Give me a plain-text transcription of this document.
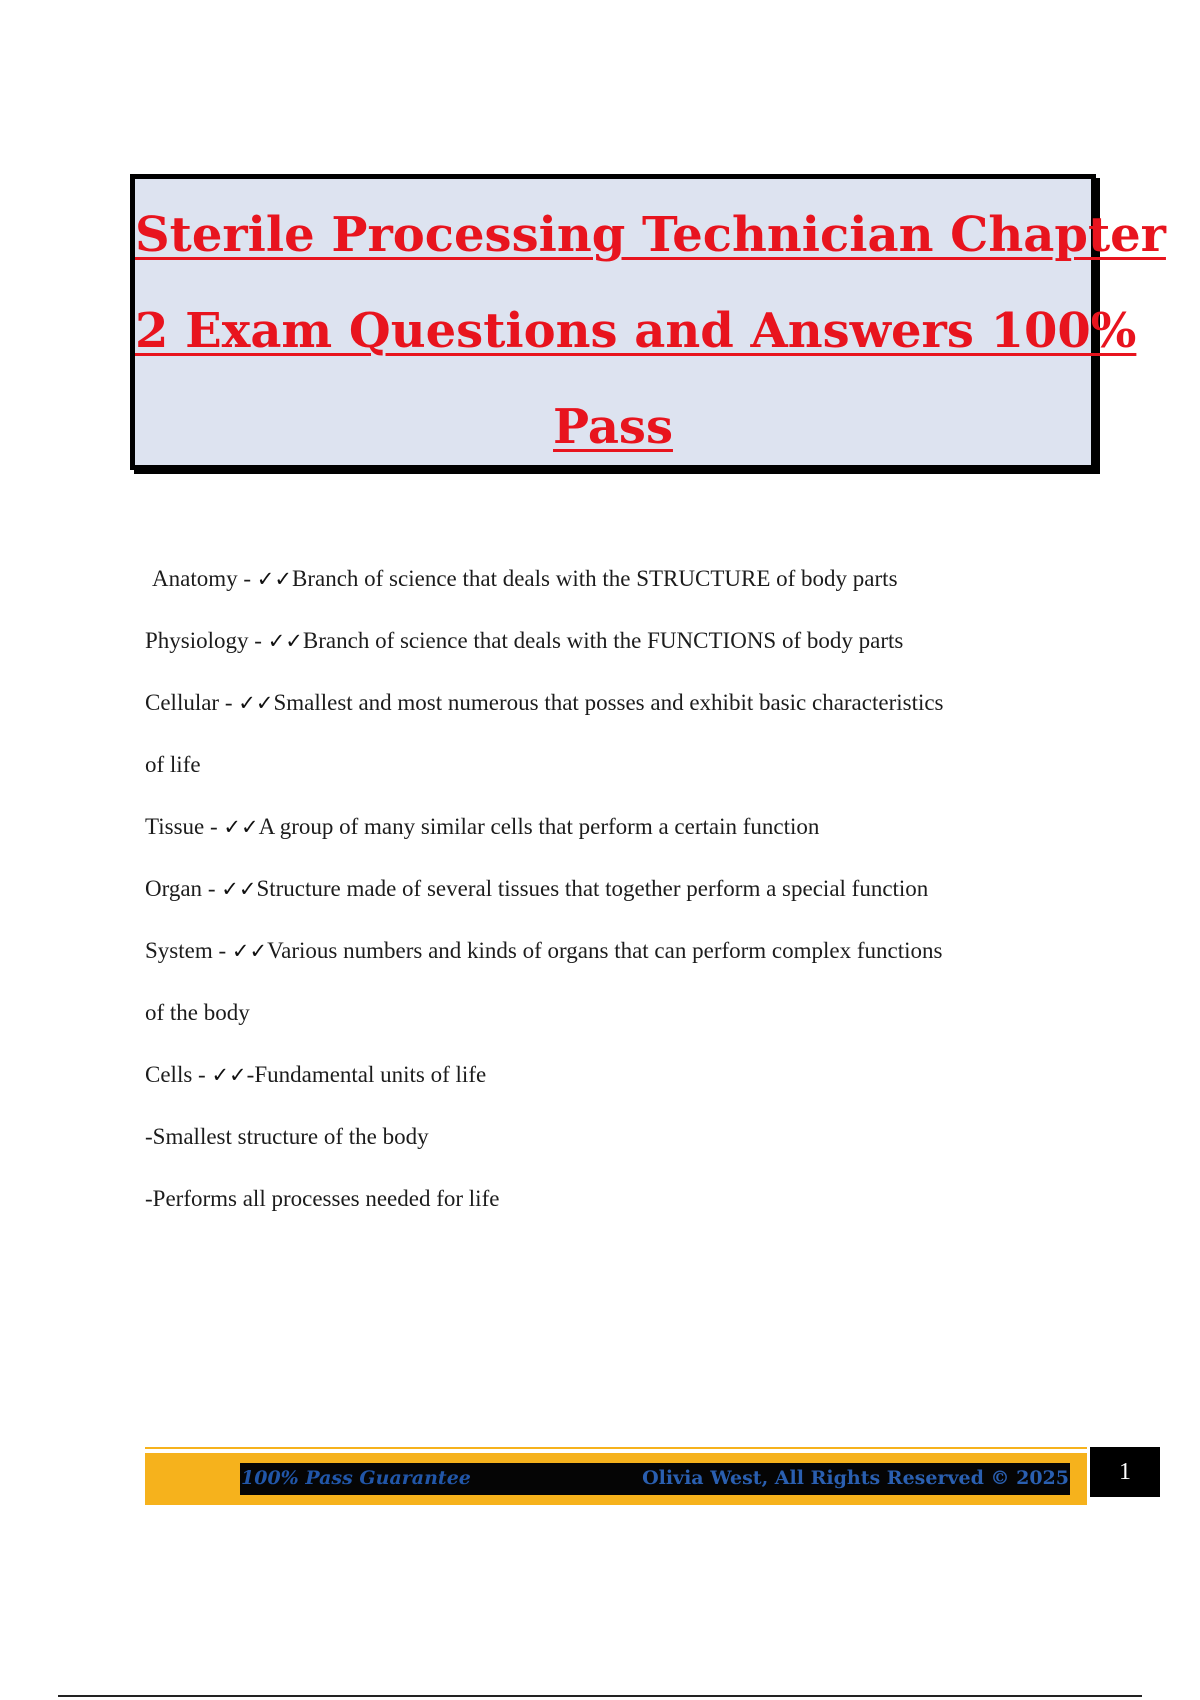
Sterile Processing Technician Chapter
2 Exam Questions and Answers 100%
Pass

Anatomy - ✓✓Branch of science that deals with the STRUCTURE of body parts

Physiology - ✓✓Branch of science that deals with the FUNCTIONS of body parts

Cellular - ✓✓Smallest and most numerous that posses and exhibit basic characteristics

of life

Tissue - ✓✓A group of many similar cells that perform a certain function

Organ - ✓✓Structure made of several tissues that together perform a special function

System - ✓✓Various numbers and kinds of organs that can perform complex functions

of the body

Cells - ✓✓-Fundamental units of life

-Smallest structure of the body

-Performs all processes needed for life

100% Pass Guarantee	Olivia West, All Rights Reserved © 2025	1
